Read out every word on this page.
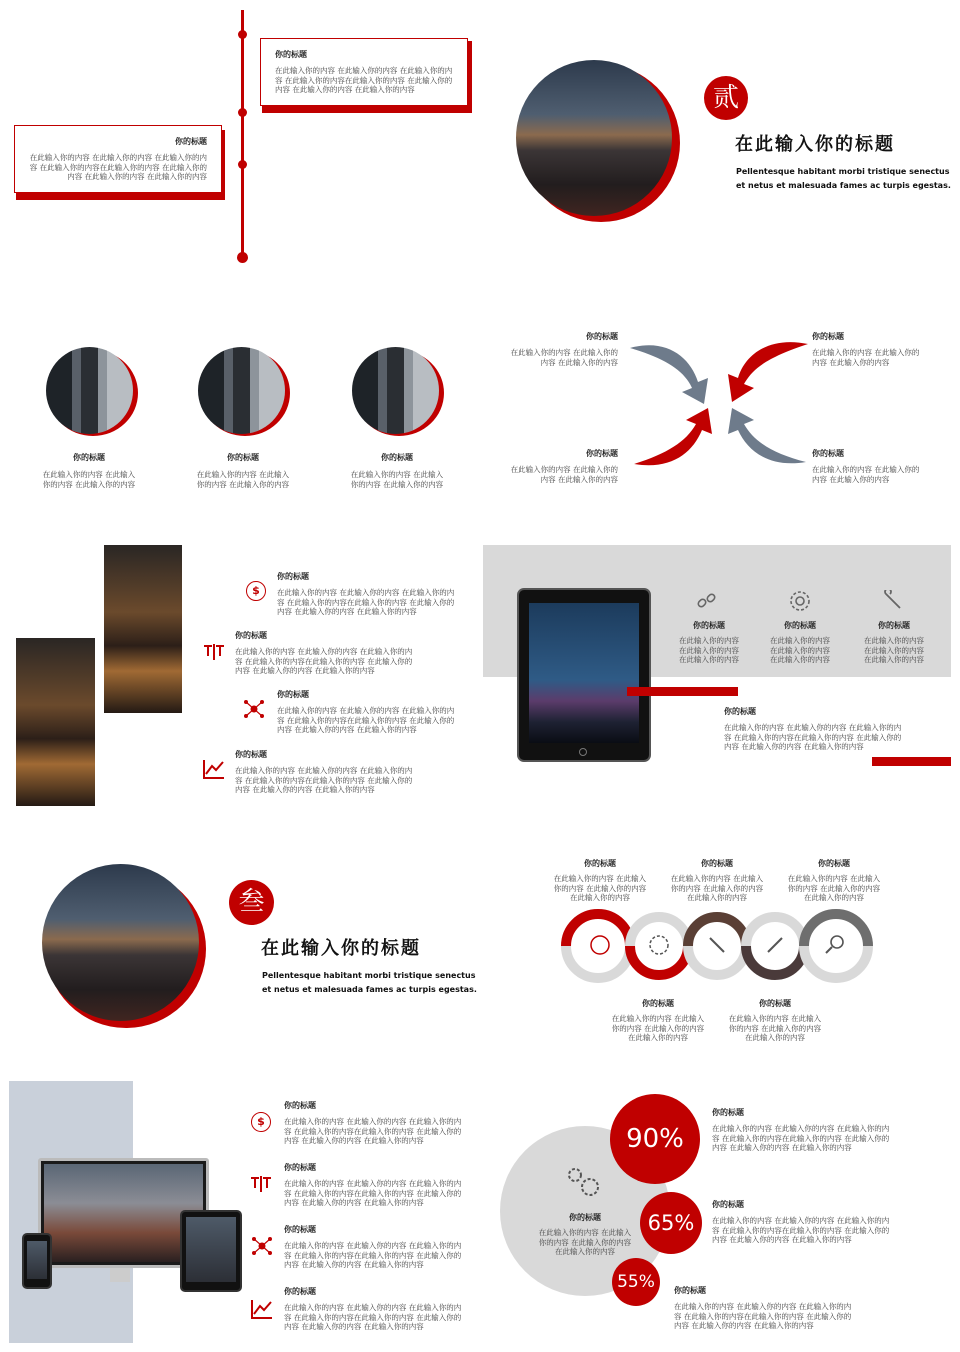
你的标题
在此输入你的内容 在此输入你的内容 在此输入你的内容 在此输入你的内容在此输入你的内容 在此输入你的内容 在此输入你的内容 在此输入你的内容
你的标题
在此输入你的内容 在此输入你的内容 在此输入你的内容 在此输入你的内容在此输入你的内容 在此输入你的内容 在此输入你的内容 在此输入你的内容
贰
在此输入你的标题
Pellentesque habitant morbi tristique senectus
et netus et malesuada fames ac turpis egestas.
你的标题
在此输入你的内容 在此输入你的内容 在此输入你的内容
你的标题
在此输入你的内容 在此输入你的内容 在此输入你的内容
你的标题
在此输入你的内容 在此输入你的内容 在此输入你的内容
你的标题
在此输入你的内容 在此输入你的内容 在此输入你的内容
你的标题
在此输入你的内容 在此输入你的内容 在此输入你的内容
你的标题
在此输入你的内容 在此输入你的内容 在此输入你的内容
你的标题
在此输入你的内容 在此输入你的内容 在此输入你的内容
$
你的标题
在此输入你的内容 在此输入你的内容 在此输入你的内容 在此输入你的内容在此输入你的内容 在此输入你的内容 在此输入你的内容 在此输入你的内容
你的标题
在此输入你的内容 在此输入你的内容 在此输入你的内容 在此输入你的内容在此输入你的内容 在此输入你的内容 在此输入你的内容 在此输入你的内容
你的标题
在此输入你的内容 在此输入你的内容 在此输入你的内容 在此输入你的内容在此输入你的内容 在此输入你的内容 在此输入你的内容 在此输入你的内容
你的标题
在此输入你的内容 在此输入你的内容 在此输入你的内容 在此输入你的内容在此输入你的内容 在此输入你的内容 在此输入你的内容 在此输入你的内容
你的标题
在此输入你的内容 在此输入你的内容 在此输入你的内容
你的标题
在此输入你的内容 在此输入你的内容 在此输入你的内容
你的标题
在此输入你的内容 在此输入你的内容 在此输入你的内容
你的标题
在此输入你的内容 在此输入你的内容 在此输入你的内容 在此输入你的内容在此输入你的内容 在此输入你的内容 在此输入你的内容 在此输入你的内容
叁
在此输入你的标题
Pellentesque habitant morbi tristique senectus
et netus et malesuada fames ac turpis egestas.
你的标题
在此输入你的内容 在此输入你的内容 在此输入你的内容 在此输入你的内容
你的标题
在此输入你的内容 在此输入你的内容 在此输入你的内容 在此输入你的内容
你的标题
在此输入你的内容 在此输入你的内容 在此输入你的内容 在此输入你的内容
你的标题
在此输入你的内容 在此输入你的内容 在此输入你的内容 在此输入你的内容
你的标题
在此输入你的内容 在此输入你的内容 在此输入你的内容 在此输入你的内容
$
你的标题
在此输入你的内容 在此输入你的内容 在此输入你的内容 在此输入你的内容在此输入你的内容 在此输入你的内容 在此输入你的内容 在此输入你的内容
你的标题
在此输入你的内容 在此输入你的内容 在此输入你的内容 在此输入你的内容在此输入你的内容 在此输入你的内容 在此输入你的内容 在此输入你的内容
你的标题
在此输入你的内容 在此输入你的内容 在此输入你的内容 在此输入你的内容在此输入你的内容 在此输入你的内容 在此输入你的内容 在此输入你的内容
你的标题
在此输入你的内容 在此输入你的内容 在此输入你的内容 在此输入你的内容在此输入你的内容 在此输入你的内容 在此输入你的内容 在此输入你的内容
你的标题
在此输入你的内容 在此输入你的内容 在此输入你的内容 在此输入你的内容
90%
65%
55%
你的标题
在此输入你的内容 在此输入你的内容 在此输入你的内容 在此输入你的内容在此输入你的内容 在此输入你的内容 在此输入你的内容 在此输入你的内容
你的标题
在此输入你的内容 在此输入你的内容 在此输入你的内容 在此输入你的内容在此输入你的内容 在此输入你的内容 在此输入你的内容 在此输入你的内容
你的标题
在此输入你的内容 在此输入你的内容 在此输入你的内容 在此输入你的内容在此输入你的内容 在此输入你的内容 在此输入你的内容 在此输入你的内容
